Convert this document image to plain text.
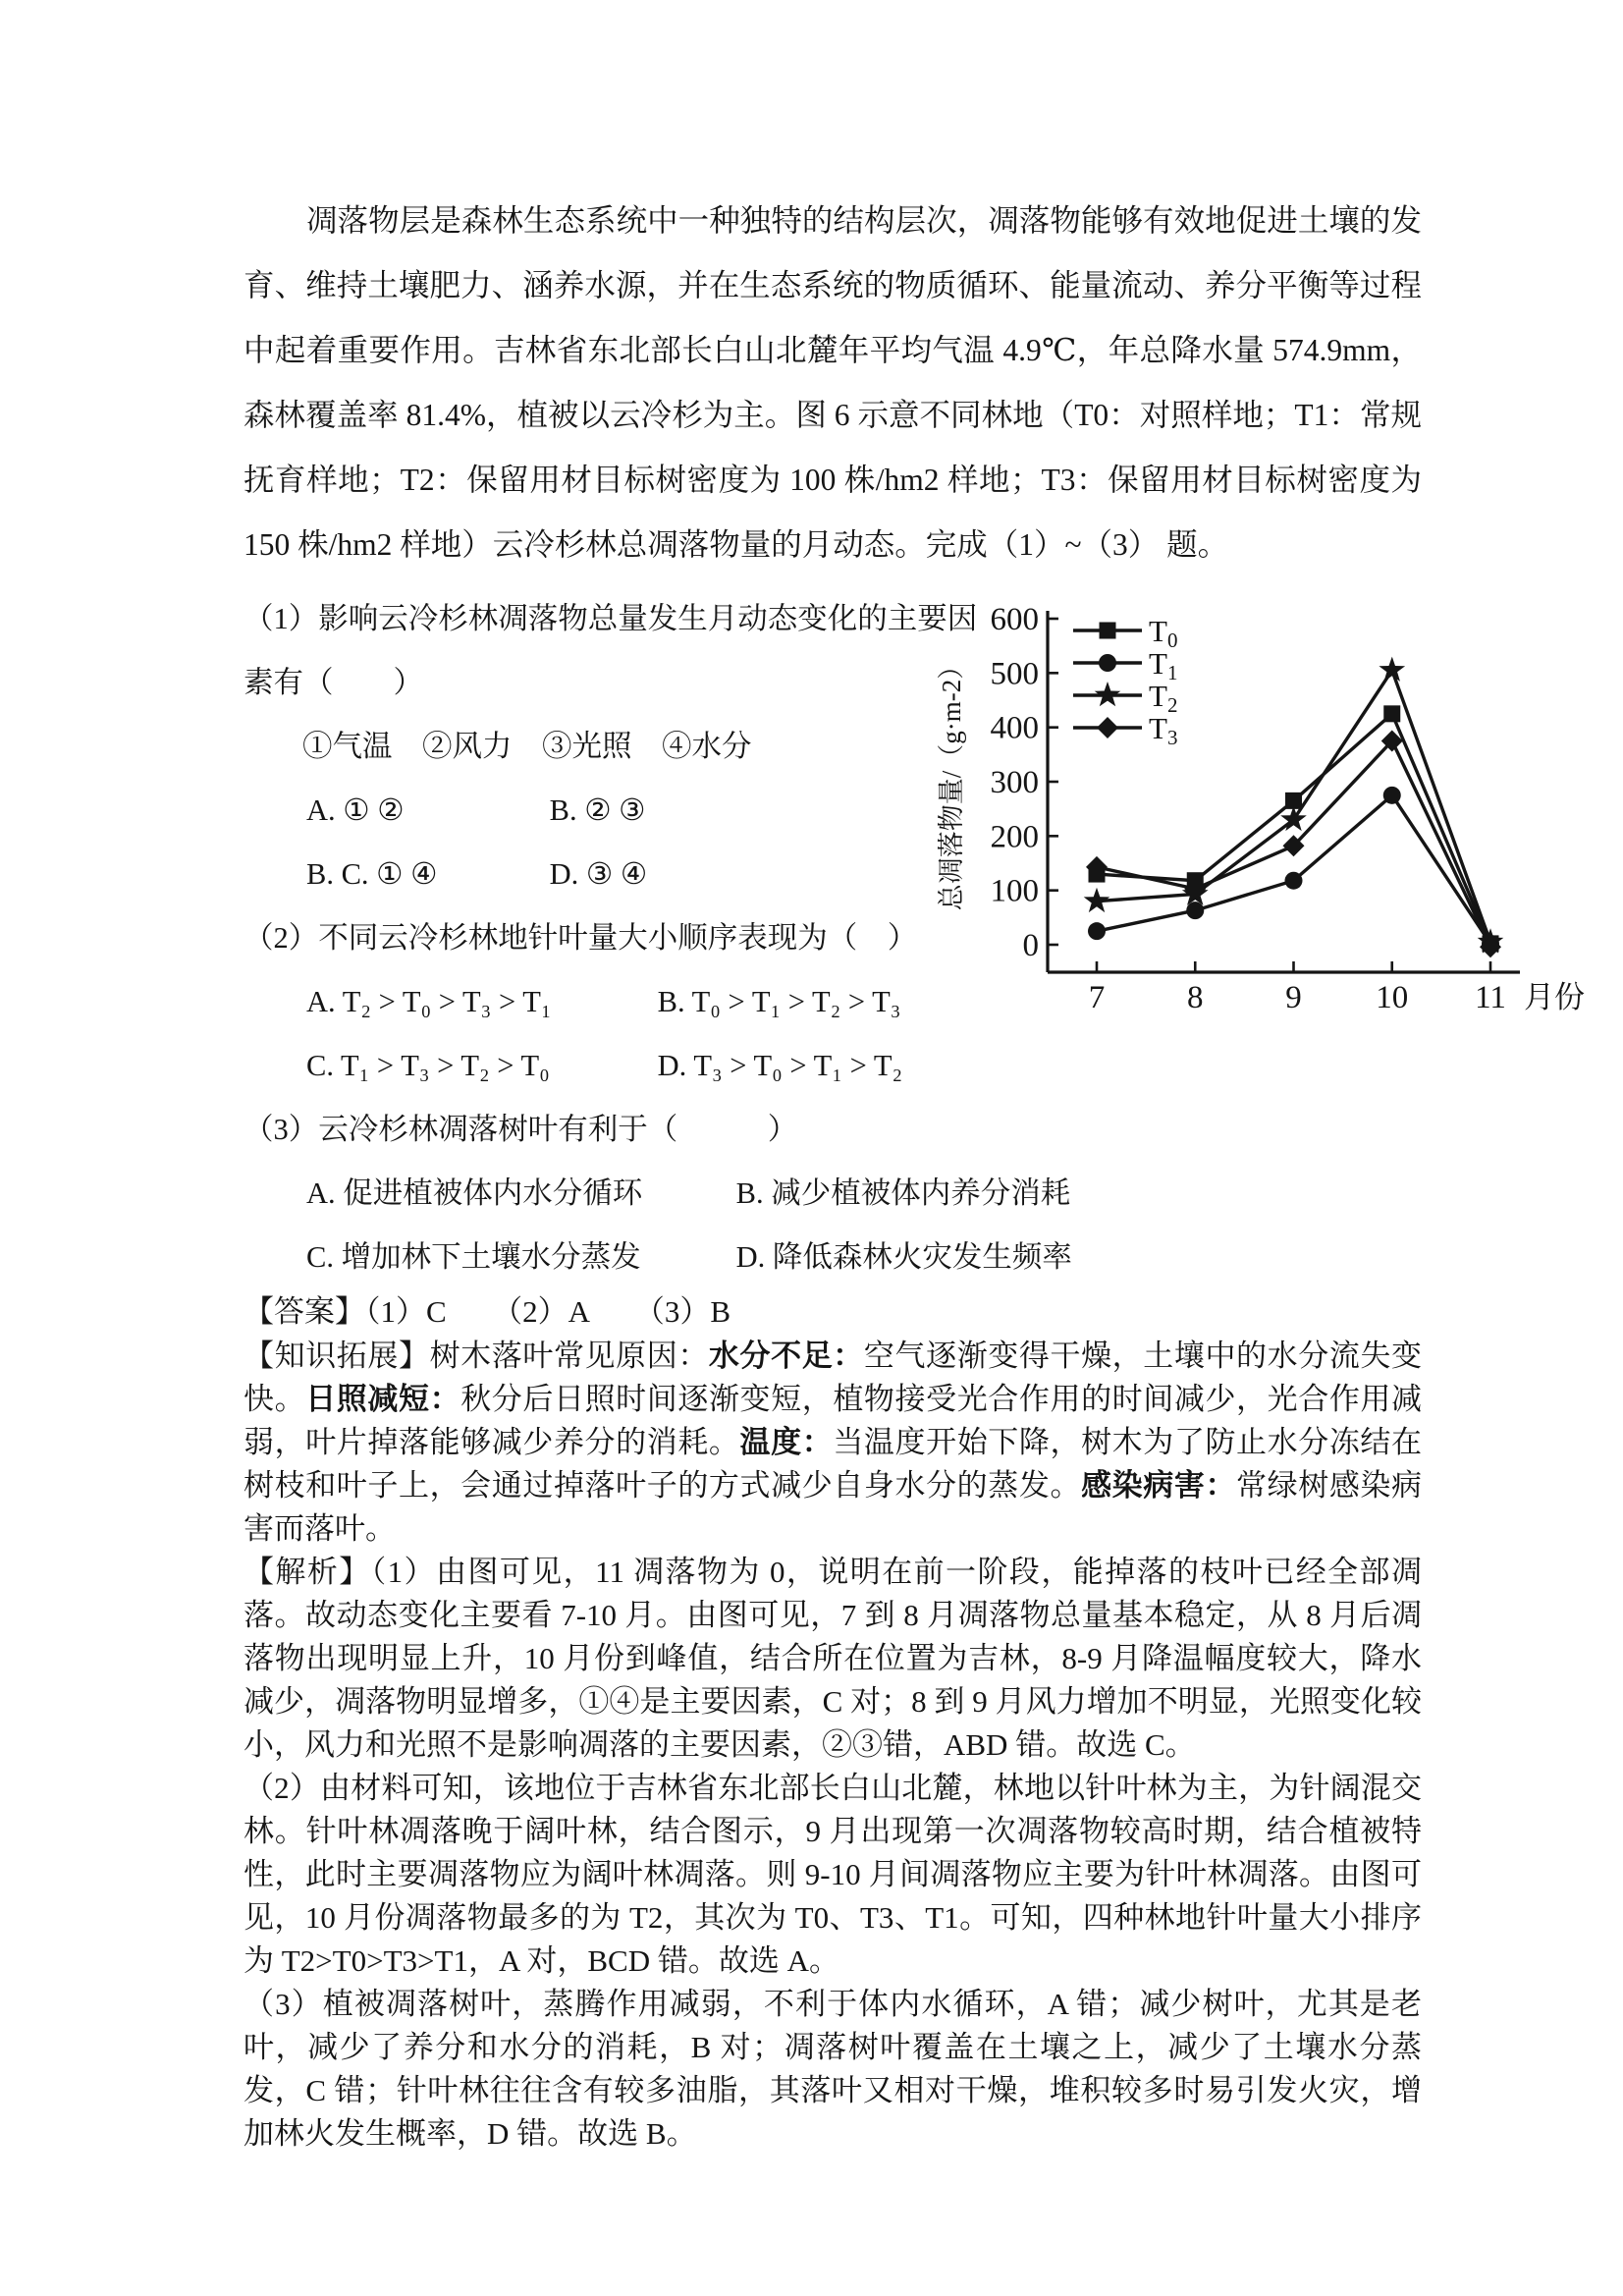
凋落物层是森林生态系统中一种独特的结构层次，凋落物能够有效地促进土壤的发育、维持土壤肥力、涵养水源，并在生态系统的物质循环、能量流动、养分平衡等过程中起着重要作用。吉林省东北部长白山北麓年平均气温 4.9℃，年总降水量 574.9mm，森林覆盖率 81.4%，植被以云冷杉为主。图 6 示意不同林地（T0：对照样地；T1：常规抚育样地；T2：保留用材目标树密度为 100 株/hm2 样地；T3：保留用材目标树密度为 150 株/hm2 样地）云冷杉林总凋落物量的月动态。完成（1）~（3） 题。

0
100
200
300
400
500
600
7	8	9 10 11 月份
总凋落物量/（g·m-2）
T0
T1
T2
T3

（1）影响云冷杉林凋落物总量发生月动态变化的主要因

素有（　　）

①气温　②风力　③光照　④水分

A. ① ②	B. ② ③

B. C. ① ④	D. ③ ④

（2）不同云冷杉林地针叶量大小顺序表现为（　）

A. T₂ > T₀ > T₃ > T₁	B. T₀ > T₁ > T₂ > T₃

C. T₁ > T₃ > T₂ > T₀	D. T₃ > T₀ > T₁ > T₂

（3）云冷杉林凋落树叶有利于（　　　）

A. 促进植被体内水分循环	B. 减少植被体内养分消耗

C. 增加林下土壤水分蒸发	D. 降低森林火灾发生频率

【答案】（1）C　　（2）A　　（3）B

【知识拓展】树木落叶常见原因：水分不足：空气逐渐变得干燥，土壤中的水分流失变快。日照减短：秋分后日照时间逐渐变短，植物接受光合作用的时间减少，光合作用减弱，叶片掉落能够减少养分的消耗。温度：当温度开始下降，树木为了防止水分冻结在树枝和叶子上，会通过掉落叶子的方式减少自身水分的蒸发。感染病害：常绿树感染病害而落叶。

【解析】（1）由图可见，11 凋落物为 0，说明在前一阶段，能掉落的枝叶已经全部凋落。故动态变化主要看 7-10 月。由图可见，7 到 8 月凋落物总量基本稳定，从 8 月后凋落物出现明显上升，10 月份到峰值，结合所在位置为吉林，8-9 月降温幅度较大，降水减少，凋落物明显增多，①④是主要因素，C 对；8 到 9 月风力增加不明显，光照变化较小，风力和光照不是影响凋落的主要因素，②③错，ABD 错。故选 C。

（2）由材料可知，该地位于吉林省东北部长白山北麓，林地以针叶林为主，为针阔混交林。针叶林凋落晚于阔叶林，结合图示，9 月出现第一次凋落物较高时期，结合植被特性，此时主要凋落物应为阔叶林凋落。则 9-10 月间凋落物应主要为针叶林凋落。由图可见，10 月份凋落物最多的为 T2，其次为 T0、T3、T1。可知，四种林地针叶量大小排序为 T2>T0>T3>T1，A 对，BCD 错。故选 A。

（3）植被凋落树叶，蒸腾作用减弱，不利于体内水循环，A 错；减少树叶，尤其是老叶，减少了养分和水分的消耗，B 对；凋落树叶覆盖在土壤之上，减少了土壤水分蒸发，C 错；针叶林往往含有较多油脂，其落叶又相对干燥，堆积较多时易引发火灾，增加林火发生概率，D 错。故选 B。
